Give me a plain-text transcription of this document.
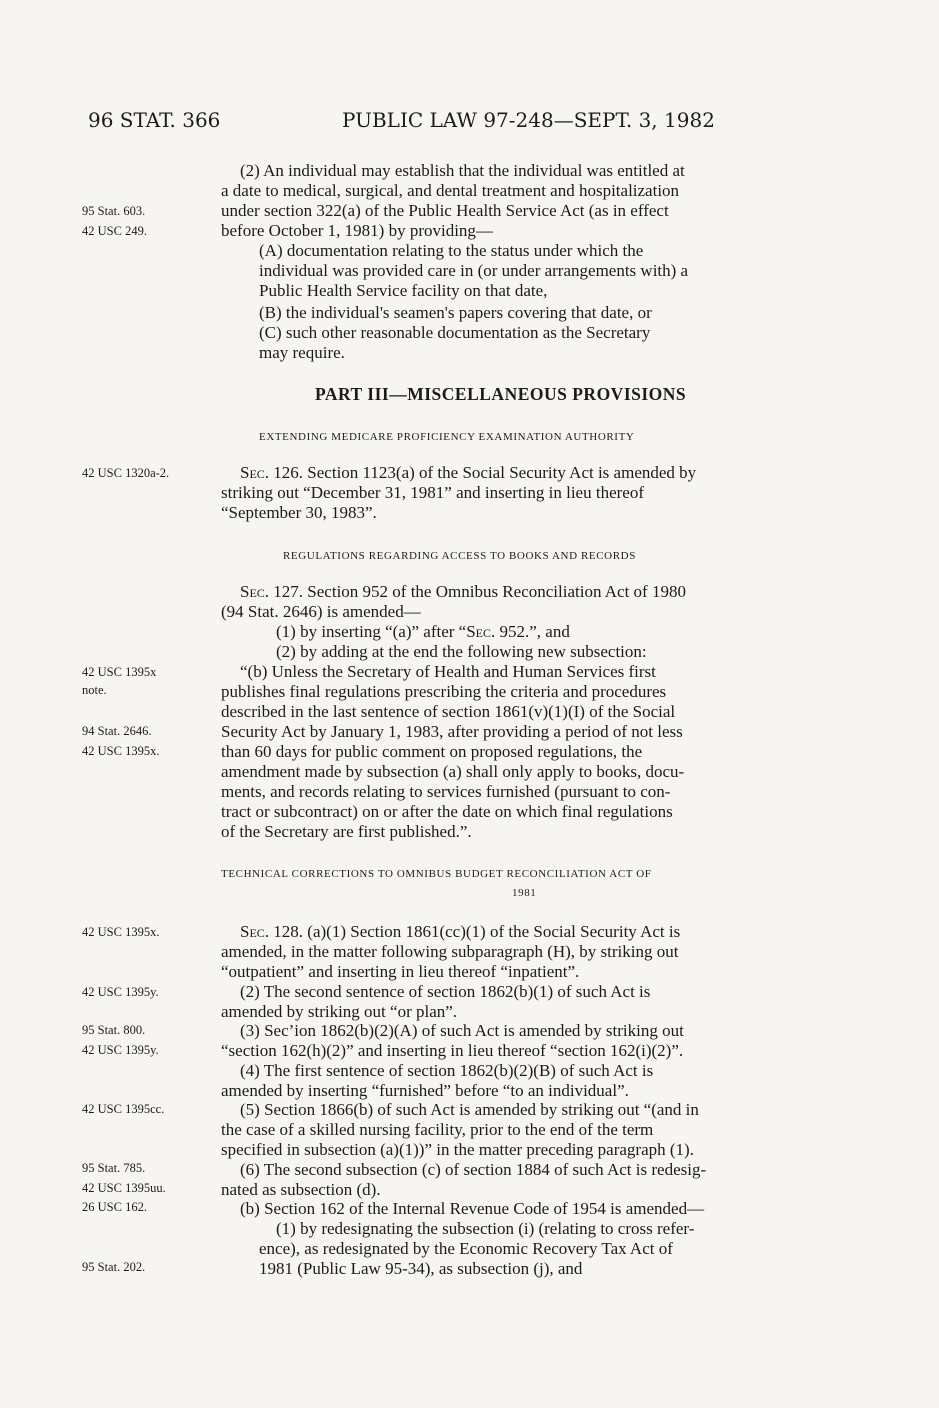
96 STAT. 366	PUBLIC LAW 97-248—SEPT. 3, 1982
95 Stat. 603.
42 USC 249.
42 USC 1320a-2.
42 USC 1395x
note.
94 Stat. 2646.
42 USC 1395x.
42 USC 1395x.
42 USC 1395y.
95 Stat. 800.
42 USC 1395y.
42 USC 1395cc.
95 Stat. 785.
42 USC 1395uu.
26 USC 162.
95 Stat. 202.
(2) An individual may establish that the individual was entitled at
a date to medical, surgical, and dental treatment and hospitalization
under section 322(a) of the Public Health Service Act (as in effect
before October 1, 1981) by providing—
(A) documentation relating to the status under which the
individual was provided care in (or under arrangements with) a
Public Health Service facility on that date,
(B) the individual's seamen's papers covering that date, or
(C) such other reasonable documentation as the Secretary
may require.
PART III—MISCELLANEOUS PROVISIONS
EXTENDING MEDICARE PROFICIENCY EXAMINATION AUTHORITY
Sec. 126. Section 1123(a) of the Social Security Act is amended by
striking out “December 31, 1981” and inserting in lieu thereof
“September 30, 1983”.
REGULATIONS REGARDING ACCESS TO BOOKS AND RECORDS
Sec. 127. Section 952 of the Omnibus Reconciliation Act of 1980
(94 Stat. 2646) is amended—
(1) by inserting “(a)” after “Sec. 952.”, and
(2) by adding at the end the following new subsection:
“(b) Unless the Secretary of Health and Human Services first
publishes final regulations prescribing the criteria and procedures
described in the last sentence of section 1861(v)(1)(I) of the Social
Security Act by January 1, 1983, after providing a period of not less
than 60 days for public comment on proposed regulations, the
amendment made by subsection (a) shall only apply to books, docu-
ments, and records relating to services furnished (pursuant to con-
tract or subcontract) on or after the date on which final regulations
of the Secretary are first published.”.
TECHNICAL CORRECTIONS TO OMNIBUS BUDGET RECONCILIATION ACT OF
1981
Sec. 128. (a)(1) Section 1861(cc)(1) of the Social Security Act is
amended, in the matter following subparagraph (H), by striking out
“outpatient” and inserting in lieu thereof “inpatient”.
(2) The second sentence of section 1862(b)(1) of such Act is
amended by striking out “or plan”.
(3) Sec’ion 1862(b)(2)(A) of such Act is amended by striking out
“section 162(h)(2)” and inserting in lieu thereof “section 162(i)(2)”.
(4) The first sentence of section 1862(b)(2)(B) of such Act is
amended by inserting “furnished” before “to an individual”.
(5) Section 1866(b) of such Act is amended by striking out “(and in
the case of a skilled nursing facility, prior to the end of the term
specified in subsection (a)(1))” in the matter preceding paragraph (1).
(6) The second subsection (c) of section 1884 of such Act is redesig-
nated as subsection (d).
(b) Section 162 of the Internal Revenue Code of 1954 is amended—
(1) by redesignating the subsection (i) (relating to cross refer-
ence), as redesignated by the Economic Recovery Tax Act of
1981 (Public Law 95-34), as subsection (j), and
